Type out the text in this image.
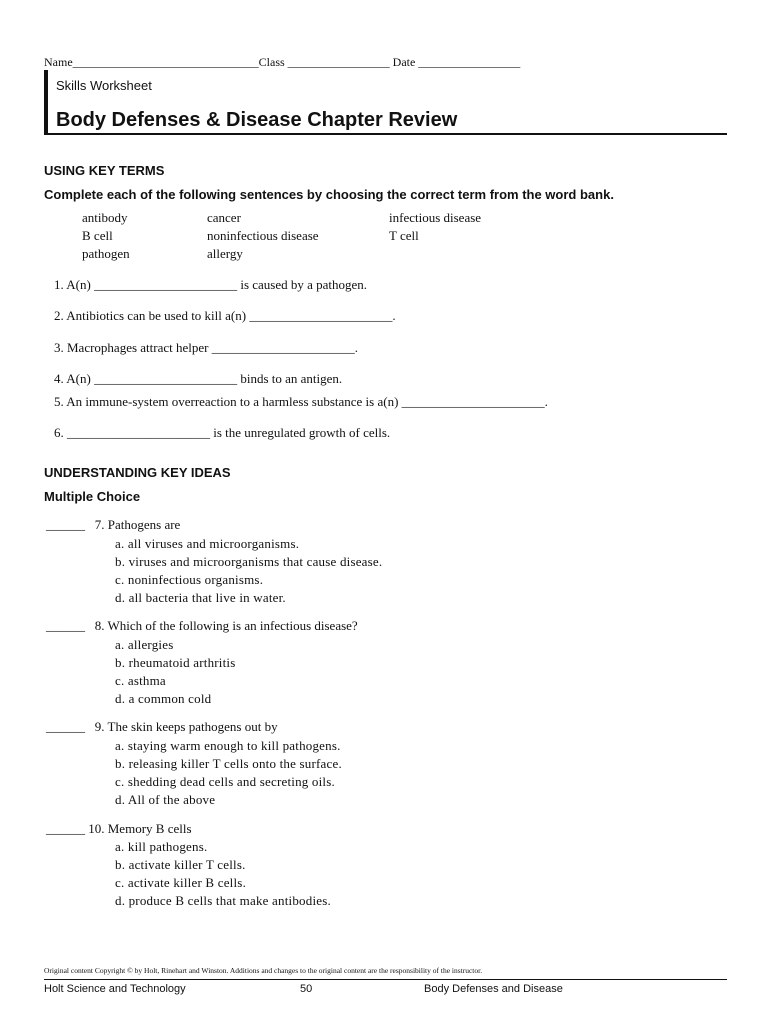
Name_______________________________Class _________________ Date _________________
Skills Worksheet
Body Defenses & Disease Chapter Review
USING KEY TERMS
Complete each of the following sentences by choosing the correct term from the word bank.
antibody	cancer	infectious disease
B cell	noninfectious disease	T cell
pathogen	allergy
1. A(n) ______________________ is caused by a pathogen.
2. Antibiotics can be used to kill a(n) ______________________.
3. Macrophages attract helper ______________________.
4. A(n) ______________________ binds to an antigen.
5. An immune-system overreaction to a harmless substance is a(n) ______________________.
6. ______________________ is the unregulated growth of cells.
UNDERSTANDING KEY IDEAS
Multiple Choice
______   7. Pathogens are
a. all viruses and microorganisms.
b. viruses and microorganisms that cause disease.
c. noninfectious organisms.
d. all bacteria that live in water.
______   8. Which of the following is an infectious disease?
a. allergies
b. rheumatoid arthritis
c. asthma
d. a common cold
______   9. The skin keeps pathogens out by
a. staying warm enough to kill pathogens.
b. releasing killer T cells onto the surface.
c. shedding dead cells and secreting oils.
d. All of the above
______ 10. Memory B cells
a. kill pathogens.
b. activate killer T cells.
c. activate killer B cells.
d. produce B cells that make antibodies.
Original content Copyright © by Holt, Rinehart and Winston. Additions and changes to the original content are the responsibility of the instructor.
Holt Science and Technology	50	Body Defenses and Disease
